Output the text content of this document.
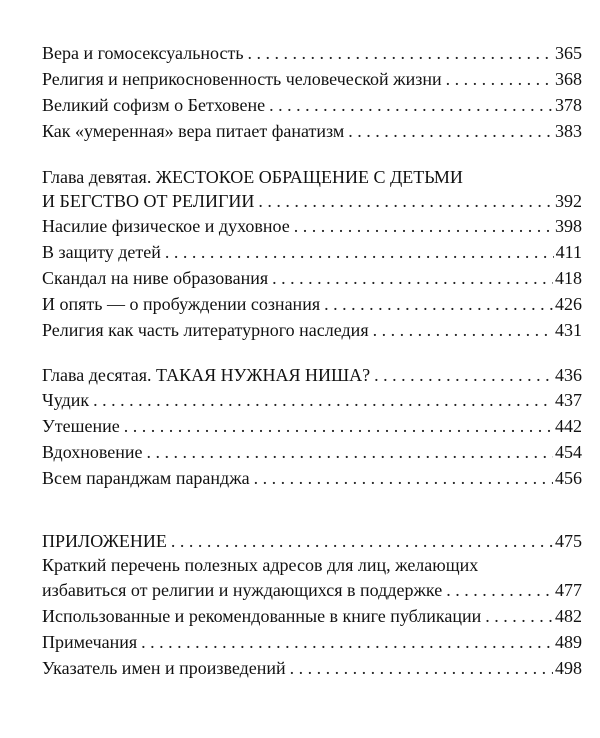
Вера и гомосексуальность . . .	365
Религия и неприкосновенность человеческой жизни . . .	368
Великий софизм о Бетховене . . .	378
Как «умеренная» вера питает фанатизм . . .	383
Глава девятая. ЖЕСТОКОЕ ОБРАЩЕНИЕ С ДЕТЬМИ
И БЕГСТВО ОТ РЕЛИГИИ . . .	392
Насилие физическое и духовное . . .	398
В защиту детей . . .	411
Скандал на ниве образования . . .	418
И опять — о пробуждении сознания . . .	426
Религия как часть литературного наследия . . .	431
Глава десятая. ТАКАЯ НУЖНАЯ НИША? . . .	436
Чудик . . .	437
Утешение . . .	442
Вдохновение . . .	454
Всем паранджам паранджа . . .	456
ПРИЛОЖЕНИЕ . . .	475
Краткий перечень полезных адресов для лиц, желающих
избавиться от религии и нуждающихся в поддержке . . .	477
Использованные и рекомендованные в книге публикации . . .	482
Примечания . . .	489
Указатель имен и произведений . . .	498
